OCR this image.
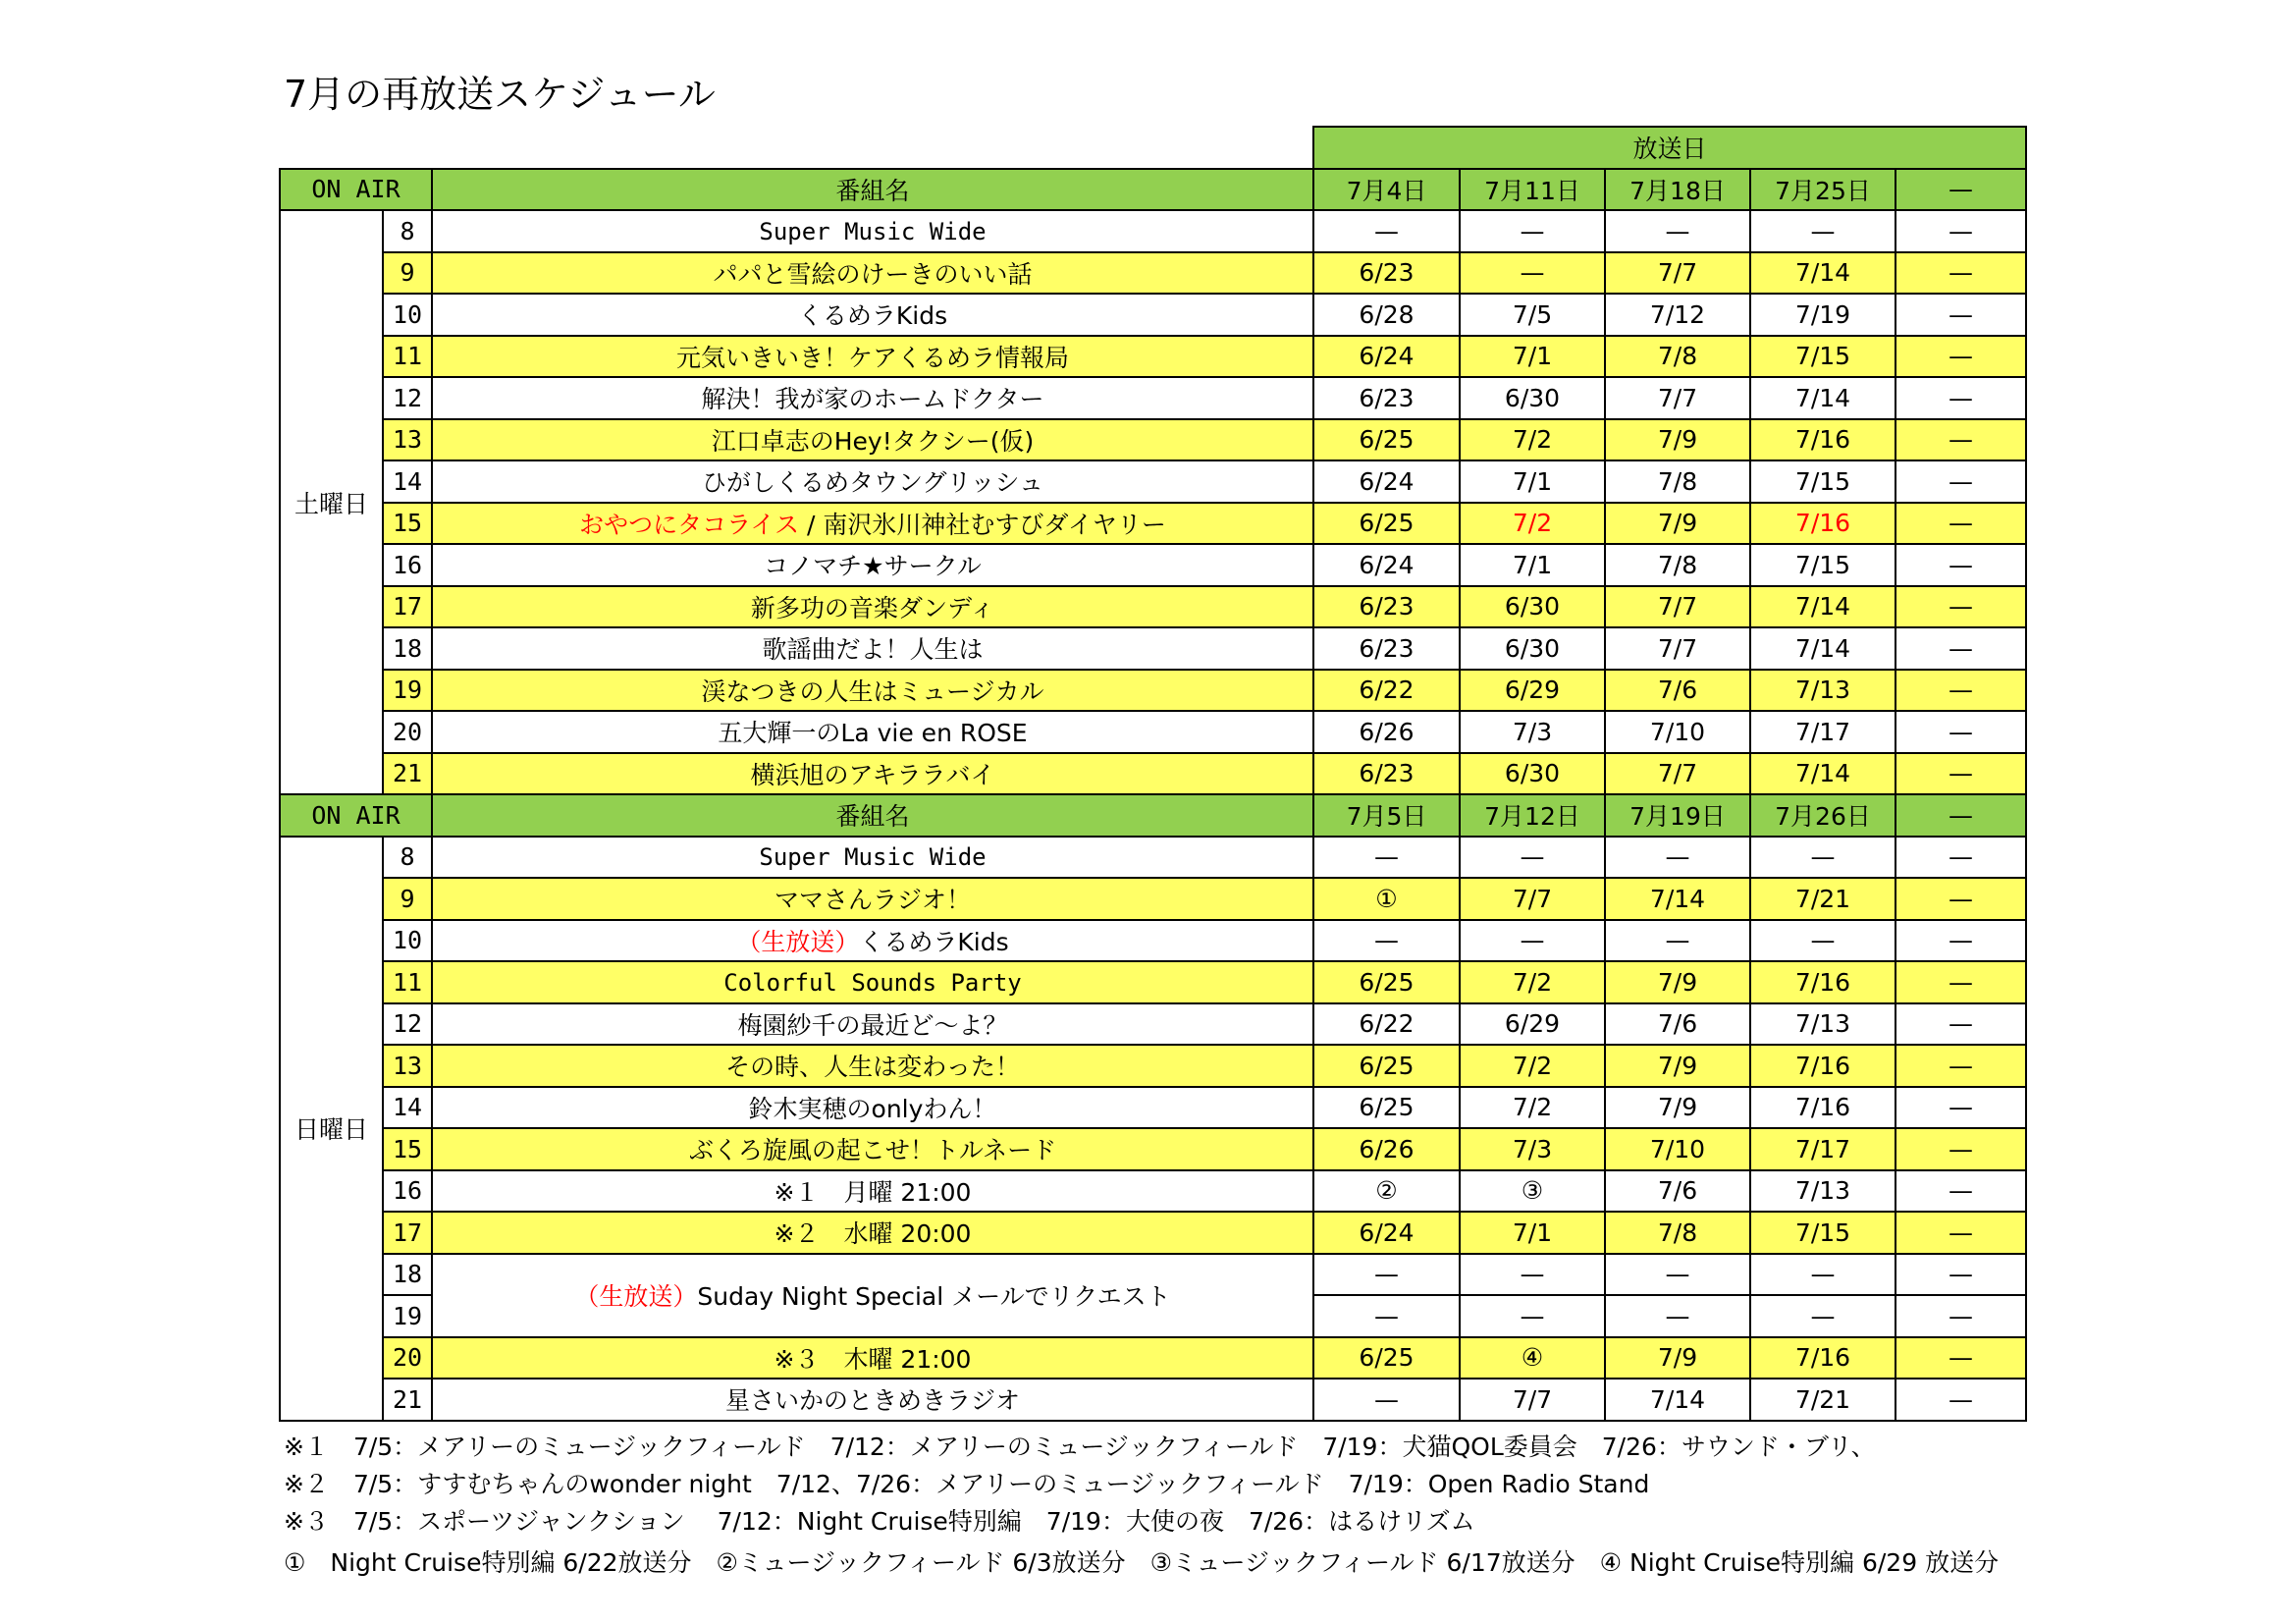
7月の再放送スケジュール
			放送日				
ON AIR		番組名	7月4日	7月11日	7月18日	7月25日	—
土曜日	8	Super Music Wide	—	—	—	—	—
	9	パパと雪絵のけーきのいい話	6/23	—	7/7	7/14	—
	10	くるめラKids	6/28	7/5	7/12	7/19	—
	11	元気いきいき！ケアくるめラ情報局	6/24	7/1	7/8	7/15	—
	12	解決！我が家のホームドクター	6/23	6/30	7/7	7/14	—
	13	江口卓志のHey!タクシー(仮)	6/25	7/2	7/9	7/16	—
	14	ひがしくるめタウングリッシュ	6/24	7/1	7/8	7/15	—
	15	おやつにタコライス / 南沢氷川神社むすびダイヤリー	6/25	7/2	7/9	7/16	—
	16	コノマチ★サークル	6/24	7/1	7/8	7/15	—
	17	新多功の音楽ダンディ	6/23	6/30	7/7	7/14	—
	18	歌謡曲だよ！人生は	6/23	6/30	7/7	7/14	—
	19	渓なつきの人生はミュージカル	6/22	6/29	7/6	7/13	—
	20	五大輝一のLa vie en ROSE	6/26	7/3	7/10	7/17	—
	21	横浜旭のアキララバイ	6/23	6/30	7/7	7/14	—
ON AIR		番組名	7月5日	7月12日	7月19日	7月26日	—
日曜日	8	Super Music Wide	—	—	—	—	—
	9	ママさんラジオ！	①	7/7	7/14	7/21	—
	10	（生放送）くるめラKids	—	—	—	—	—
	11	Colorful Sounds Party	6/25	7/2	7/9	7/16	—
	12	梅園紗千の最近ど～よ？	6/22	6/29	7/6	7/13	—
	13	その時、人生は変わった！	6/25	7/2	7/9	7/16	—
	14	鈴木実穂のonlyわん！	6/25	7/2	7/9	7/16	—
	15	ぶくろ旋風の起こせ！トルネード	6/26	7/3	7/10	7/17	—
	16	※１　月曜 21:00	②	③	7/6	7/13	—
	17	※２　水曜 20:00	6/24	7/1	7/8	7/15	—
	18	（生放送）Suday Night Special メールでリクエスト	—	—	—	—	—
	19		—	—	—	—	—
	20	※３　木曜 21:00	6/25	④	7/9	7/16	—
	21	星さいかのときめきラジオ	—	7/7	7/14	7/21	—
※１　7/5：メアリーのミュージックフィールド　7/12：メアリーのミュージックフィールド　7/19：犬猫QOL委員会　7/26：サウンド・ブリ、
※２　7/5：すすむちゃんのwonder night　7/12、7/26：メアリーのミュージックフィールド　7/19：Open Radio Stand
※３　7/5：スポーツジャンクション　 7/12：Night Cruise特別編　7/19：大使の夜　7/26：はるけリズム
①　Night Cruise特別編 6/22放送分　②ミュージックフィールド 6/3放送分　③ミュージックフィールド 6/17放送分　④ Night Cruise特別編 6/29 放送分
